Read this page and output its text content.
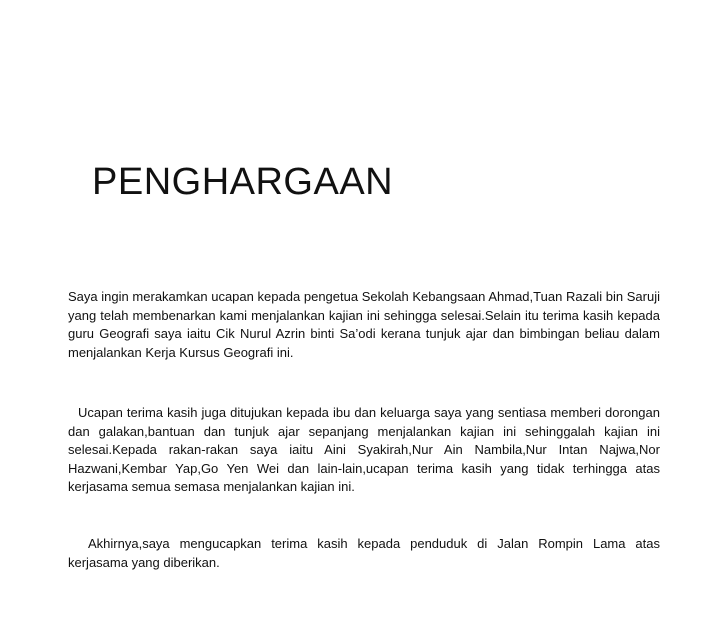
PENGHARGAAN

Saya ingin merakamkan ucapan kepada pengetua Sekolah Kebangsaan Ahmad,Tuan Razali bin Saruji yang telah membenarkan kami menjalankan kajian ini sehingga selesai.Selain itu terima kasih kepada guru Geografi saya iaitu Cik Nurul Azrin binti Sa’odi kerana tunjuk ajar dan bimbingan beliau dalam menjalankan Kerja Kursus Geografi ini.

Ucapan terima kasih juga ditujukan kepada ibu dan keluarga saya yang sentiasa memberi dorongan dan galakan,bantuan dan tunjuk ajar sepanjang menjalankan kajian ini sehinggalah kajian ini selesai.Kepada rakan-rakan saya iaitu Aini Syakirah,Nur Ain Nambila,Nur Intan Najwa,Nor Hazwani,Kembar Yap,Go Yen Wei dan lain-lain,ucapan terima kasih yang tidak terhingga atas kerjasama semua semasa menjalankan kajian ini.

Akhirnya,saya mengucapkan terima kasih kepada penduduk di Jalan Rompin Lama atas kerjasama yang diberikan.
